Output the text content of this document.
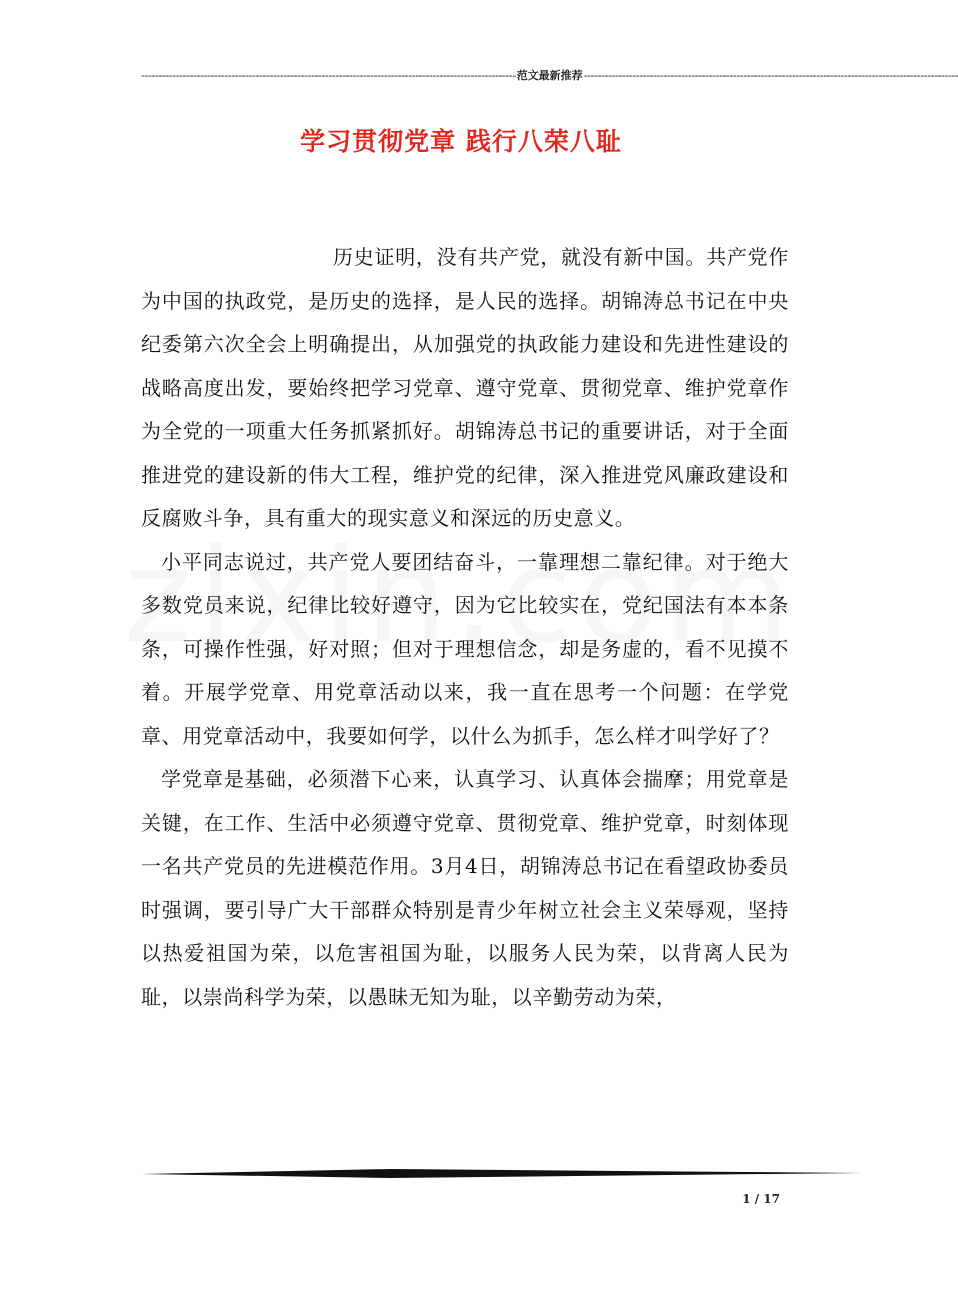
------------------------------------------------------------------------------------------------------------ 范文最新推荐 ------------------------------------------------------------------------------------------------------------
学习贯彻党章 践行八荣八耻

历史证明，没有共产党，就没有新中国。共产党作为中国的执政党，是历史的选择，是人民的选择。胡锦涛总书记在中央纪委第六次全会上明确提出，从加强党的执政能力建设和先进性建设的战略高度出发，要始终把学习党章、遵守党章、贯彻党章、维护党章作为全党的一项重大任务抓紧抓好。胡锦涛总书记的重要讲话，对于全面推进党的建设新的伟大工程，维护党的纪律，深入推进党风廉政建设和反腐败斗争，具有重大的现实意义和深远的历史意义。

小平同志说过，共产党人要团结奋斗，一靠理想二靠纪律。对于绝大多数党员来说，纪律比较好遵守，因为它比较实在，党纪国法有本本条条，可操作性强，好对照；但对于理想信念，却是务虚的，看不见摸不着。开展学党章、用党章活动以来，我一直在思考一个问题：在学党章、用党章活动中，我要如何学，以什么为抓手，怎么样才叫学好了？

学党章是基础，必须潜下心来，认真学习、认真体会揣摩；用党章是关键，在工作、生活中必须遵守党章、贯彻党章、维护党章，时刻体现一名共产党员的先进模范作用。3月4日，胡锦涛总书记在看望政协委员时强调，要引导广大干部群众特别是青少年树立社会主义荣辱观，坚持以热爱祖国为荣，以危害祖国为耻，以服务人民为荣，以背离人民为耻，以崇尚科学为荣，以愚昧无知为耻，以辛勤劳动为荣，

1 / 17
